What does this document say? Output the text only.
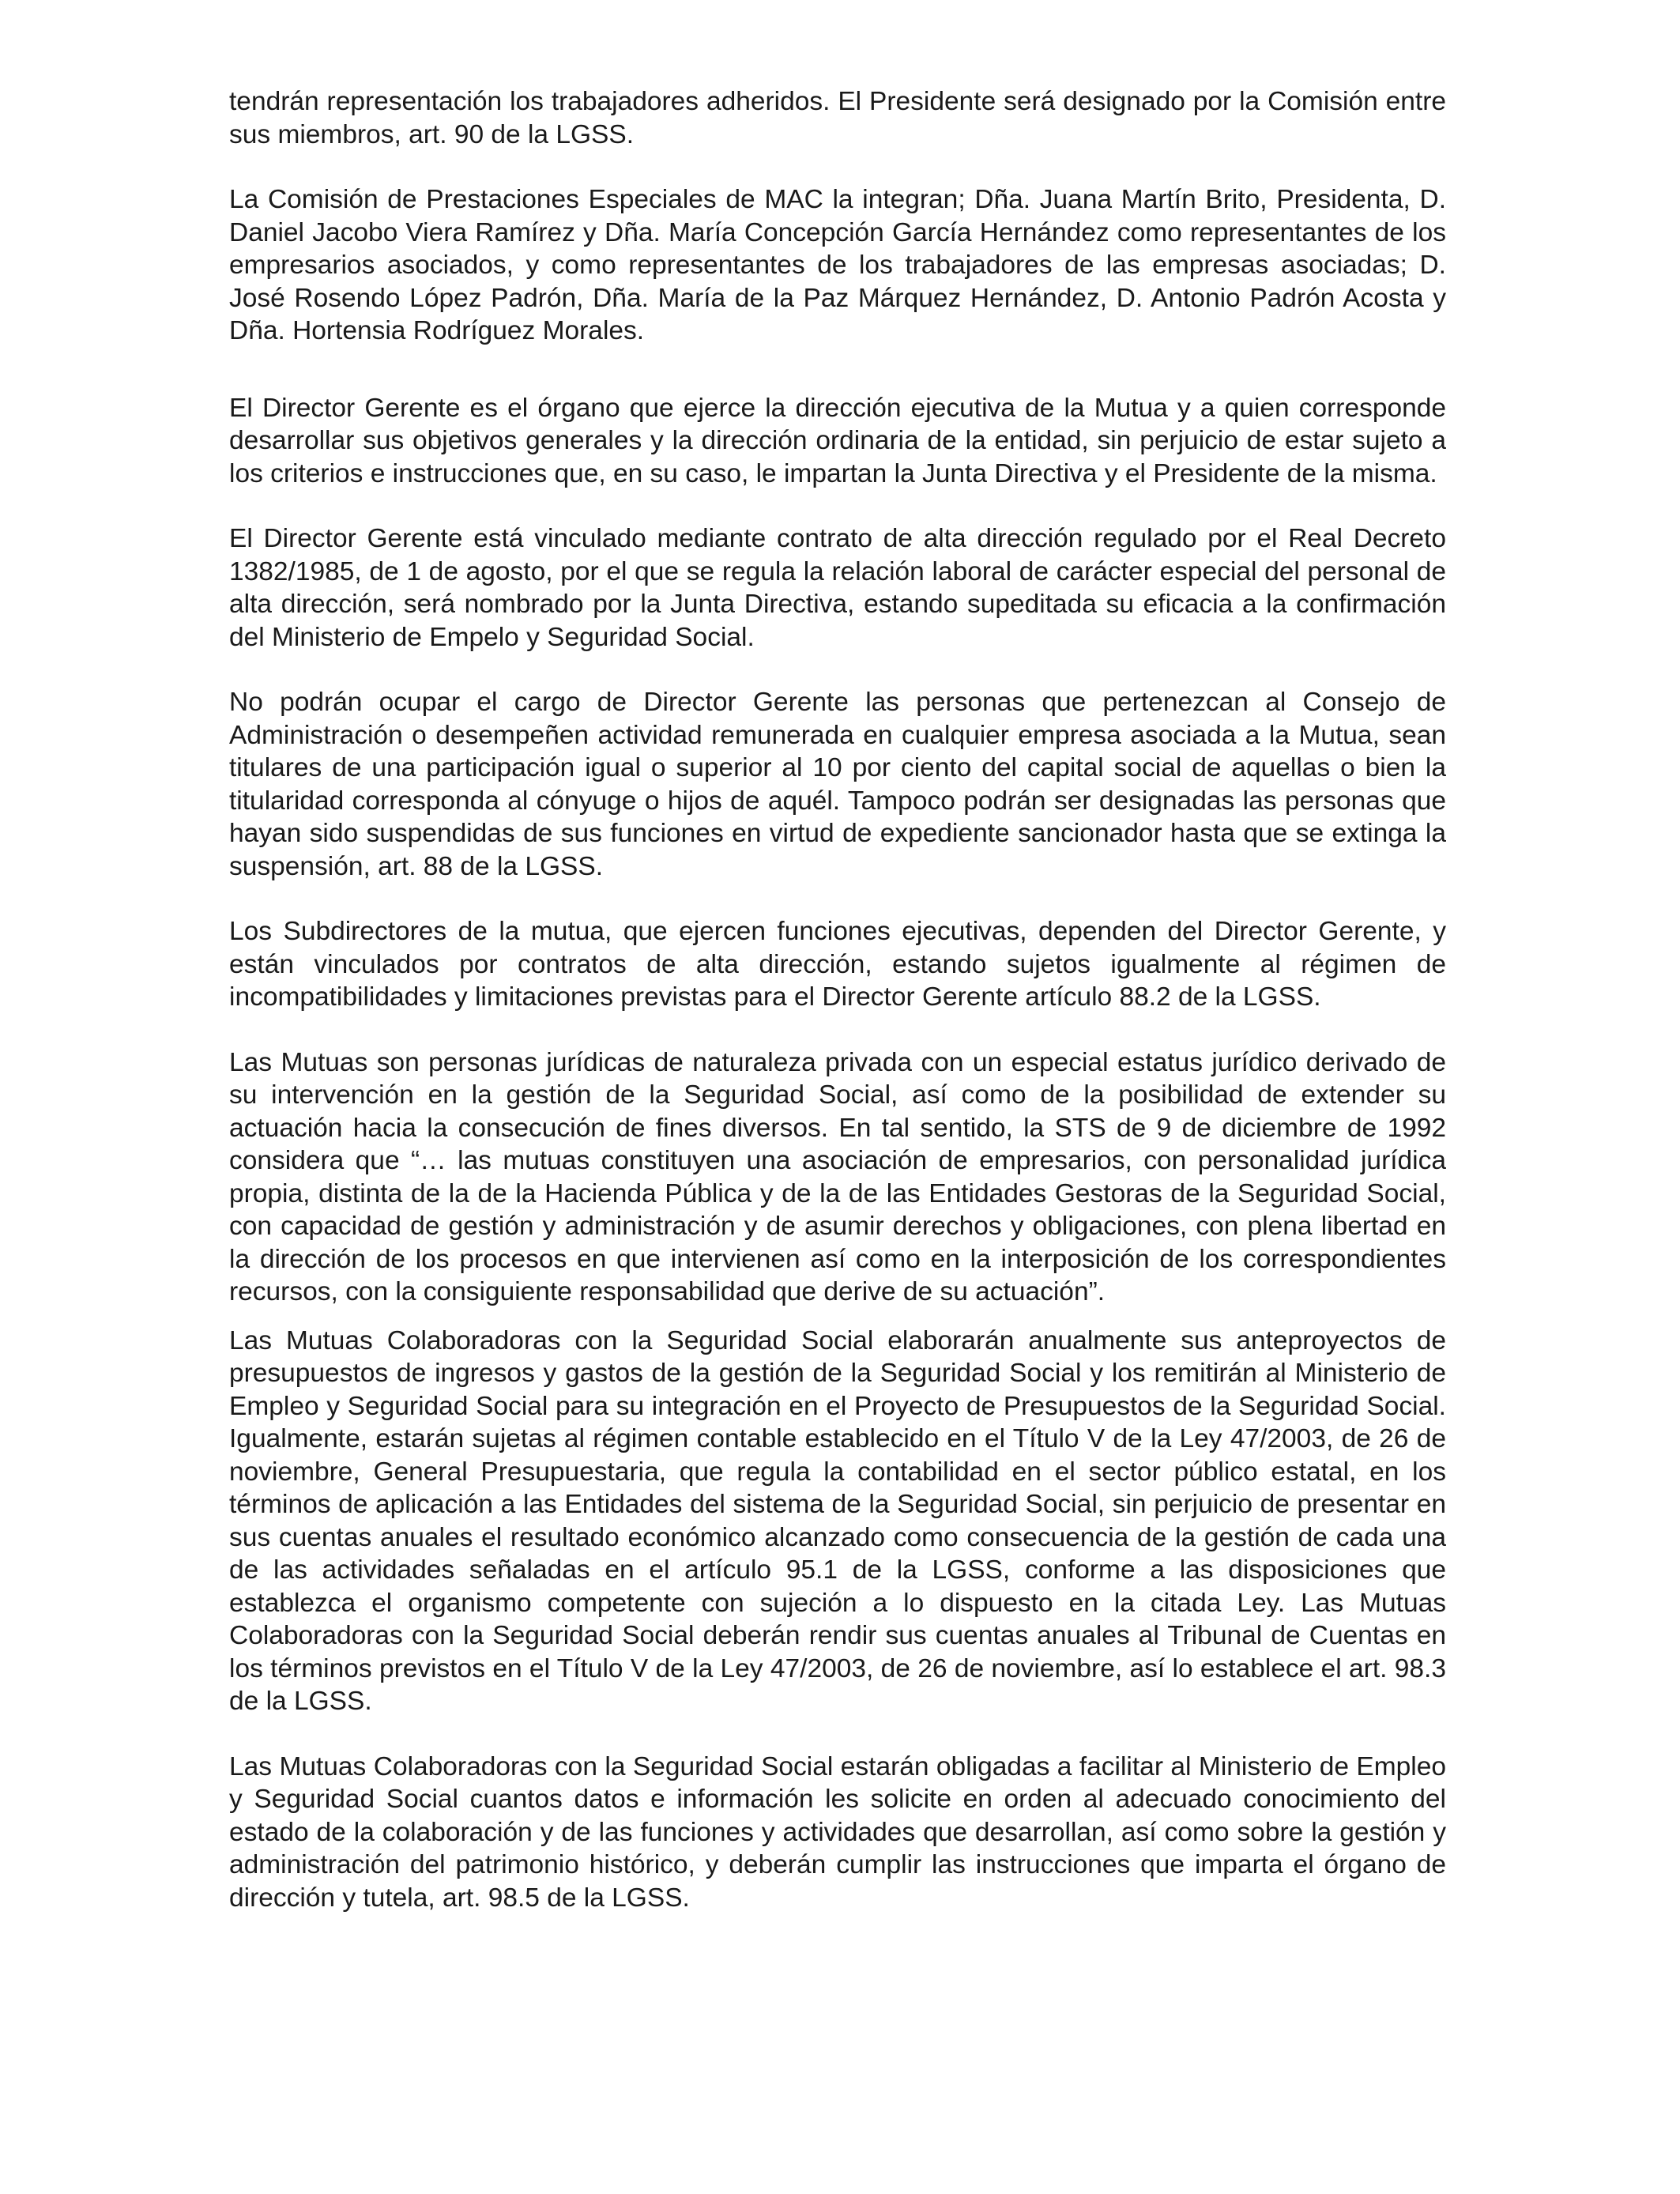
tendrán representación los trabajadores adheridos. El Presidente será designado por la Comisión entre sus miembros, art. 90 de la LGSS.

La Comisión de Prestaciones Especiales de MAC la integran; Dña. Juana Martín Brito, Presidenta, D. Daniel Jacobo Viera Ramírez y Dña. María Concepción García Hernández como representantes de los empresarios asociados, y como representantes de los trabajadores de las empresas asociadas; D. José Rosendo López Padrón, Dña. María de la Paz Márquez Hernández, D. Antonio Padrón Acosta y Dña. Hortensia Rodríguez Morales.

El Director Gerente es el órgano que ejerce la dirección ejecutiva de la Mutua y a quien corresponde desarrollar sus objetivos generales y la dirección ordinaria de la entidad, sin perjuicio de estar sujeto a los criterios e instrucciones que, en su caso, le impartan la Junta Directiva y el Presidente de la misma.

El Director Gerente está vinculado mediante contrato de alta dirección regulado por el Real Decreto 1382/1985, de 1 de agosto, por el que se regula la relación laboral de carácter especial del personal de alta dirección, será nombrado por la Junta Directiva, estando supeditada su eficacia a la confirmación del Ministerio de Empelo y Seguridad Social.

No podrán ocupar el cargo de Director Gerente las personas que pertenezcan al Consejo de Administración o desempeñen actividad remunerada en cualquier empresa asociada a la Mutua, sean titulares de una participación igual o superior al 10 por ciento del capital social de aquellas o bien la titularidad corresponda al cónyuge o hijos de aquél. Tampoco podrán ser designadas las personas que hayan sido suspendidas de sus funciones en virtud de expediente sancionador hasta que se extinga la suspensión, art. 88 de la LGSS.

Los Subdirectores de la mutua, que ejercen funciones ejecutivas, dependen del Director Gerente, y están vinculados por contratos de alta dirección, estando sujetos igualmente al régimen de incompatibilidades y limitaciones previstas para el Director Gerente artículo 88.2 de la LGSS.

Las Mutuas son personas jurídicas de naturaleza privada con un especial estatus jurídico derivado de su intervención en la gestión de la Seguridad Social, así como de la posibilidad de extender su actuación hacia la consecución de fines diversos. En tal sentido, la STS de 9 de diciembre de 1992 considera que “… las mutuas constituyen una asociación de empresarios, con personalidad jurídica propia, distinta de la de la Hacienda Pública y de la de las Entidades Gestoras de la Seguridad Social, con capacidad de gestión y administración y de asumir derechos y obligaciones, con plena libertad en la dirección de los procesos en que intervienen así como en la interposición de los correspondientes recursos, con la consiguiente responsabilidad que derive de su actuación”.

Las Mutuas Colaboradoras con la Seguridad Social elaborarán anualmente sus anteproyectos de presupuestos de ingresos y gastos de la gestión de la Seguridad Social y los remitirán al Ministerio de Empleo y Seguridad Social para su integración en el Proyecto de Presupuestos de la Seguridad Social. Igualmente, estarán sujetas al régimen contable establecido en el Título V de la Ley 47/2003, de 26 de noviembre, General Presupuestaria, que regula la contabilidad en el sector público estatal, en los términos de aplicación a las Entidades del sistema de la Seguridad Social, sin perjuicio de presentar en sus cuentas anuales el resultado económico alcanzado como consecuencia de la gestión de cada una de las actividades señaladas en el artículo 95.1 de la LGSS, conforme a las disposiciones que establezca el organismo competente con sujeción a lo dispuesto en la citada Ley. Las Mutuas Colaboradoras con la Seguridad Social deberán rendir sus cuentas anuales al Tribunal de Cuentas en los términos previstos en el Título V de la Ley 47/2003, de 26 de noviembre, así lo establece el art. 98.3 de la LGSS.

Las Mutuas Colaboradoras con la Seguridad Social estarán obligadas a facilitar al Ministerio de Empleo y Seguridad Social cuantos datos e información les solicite en orden al adecuado conocimiento del estado de la colaboración y de las funciones y actividades que desarrollan, así como sobre la gestión y administración del patrimonio histórico, y deberán cumplir las instrucciones que imparta el órgano de dirección y tutela, art. 98.5 de la LGSS.
